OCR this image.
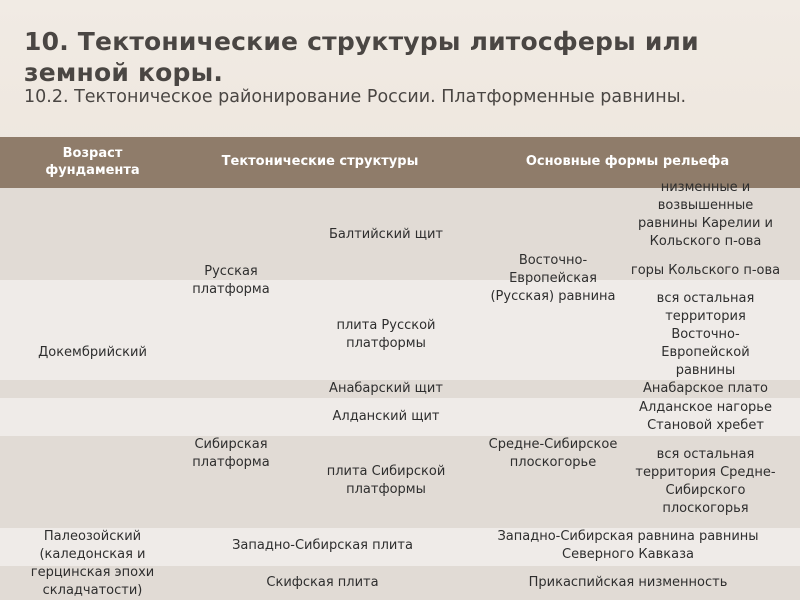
10. Тектонические структуры литосферы или земной коры.
10.2. Тектоническое районирование России. Платформенные равнины.
Возраст фундамента
Тектонические структуры	Основные формы рельефа
Докембрийский
Палеозойский (каледонская и герцинская эпохи складчатости)
Русская платформа
Сибирская платформа
Балтийский щит
плита Русской платформы
Анабарский щит
Алданский щит
плита Сибирской платформы
Западно-Сибирская плита
Скифская плита
Восточно-Европейская (Русская) равнина
Средне-Сибирское плоскогорье
низменные и возвышенные равнины Карелии и Кольского п-ова
горы Кольского п-ова
вся остальная территория Восточно-Европейской равнины
Анабарское плато
Алданское нагорье
Становой хребет
вся остальная территория Средне-Сибирского плоскогорья
Западно-Сибирская равнина равнины Северного Кавказа
Прикаспийская низменность
